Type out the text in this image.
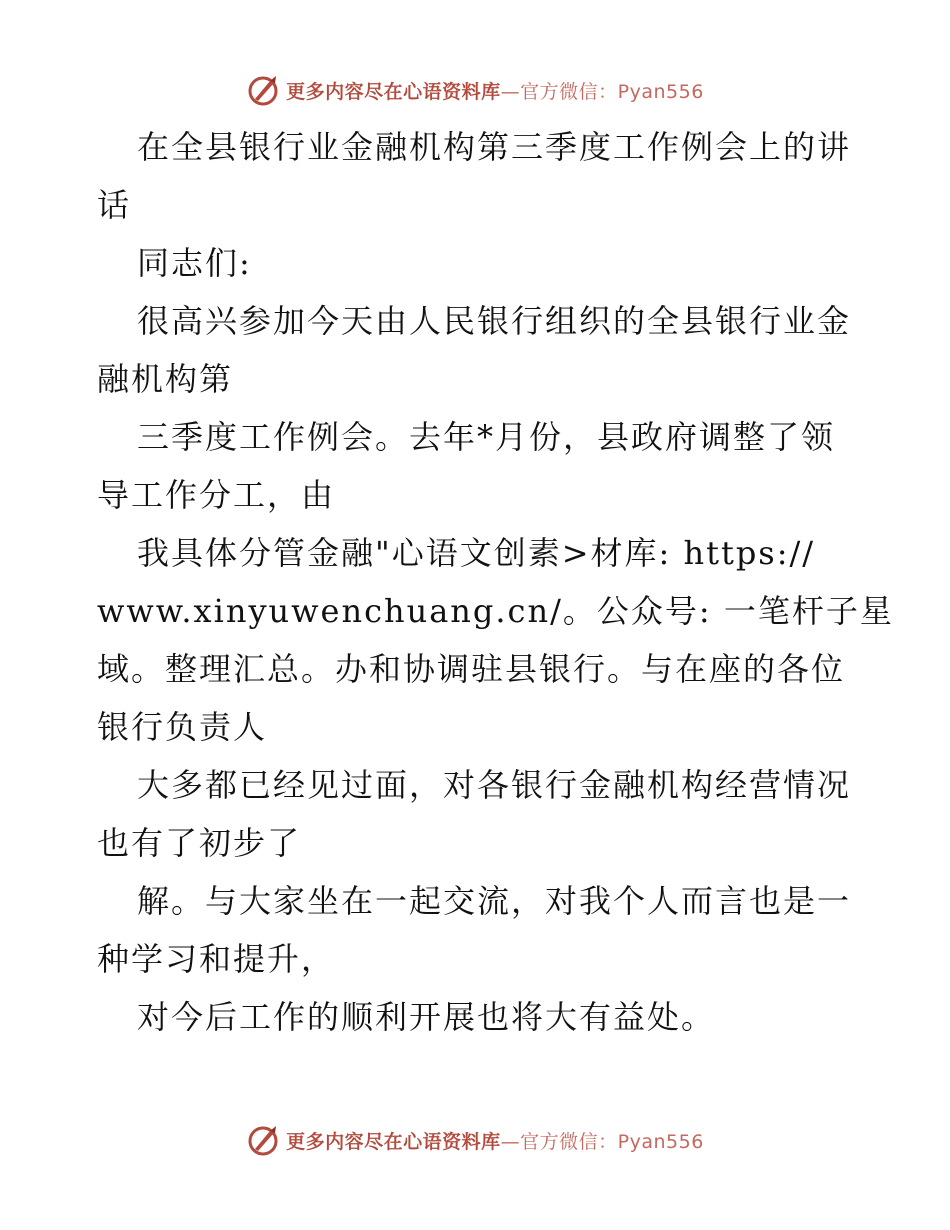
更多内容尽在心语资料库—官方微信：Pyan556
在全县银行业金融机构第三季度工作例会上的讲
话
同志们:
很高兴参加今天由人民银行组织的全县银行业金
融机构第
三季度工作例会。去年*月份，县政府调整了领
导工作分工，由
我具体分管金融"心语文创素>材库: https://
www.xinyuwenchuang.cn/。公众号: 一笔杆子星
域。整理汇总。办和协调驻县银行。与在座的各位
银行负责人
大多都已经见过面，对各银行金融机构经营情况
也有了初步了
解。与大家坐在一起交流，对我个人而言也是一
种学习和提升，
对今后工作的顺利开展也将大有益处。
更多内容尽在心语资料库—官方微信：Pyan556
